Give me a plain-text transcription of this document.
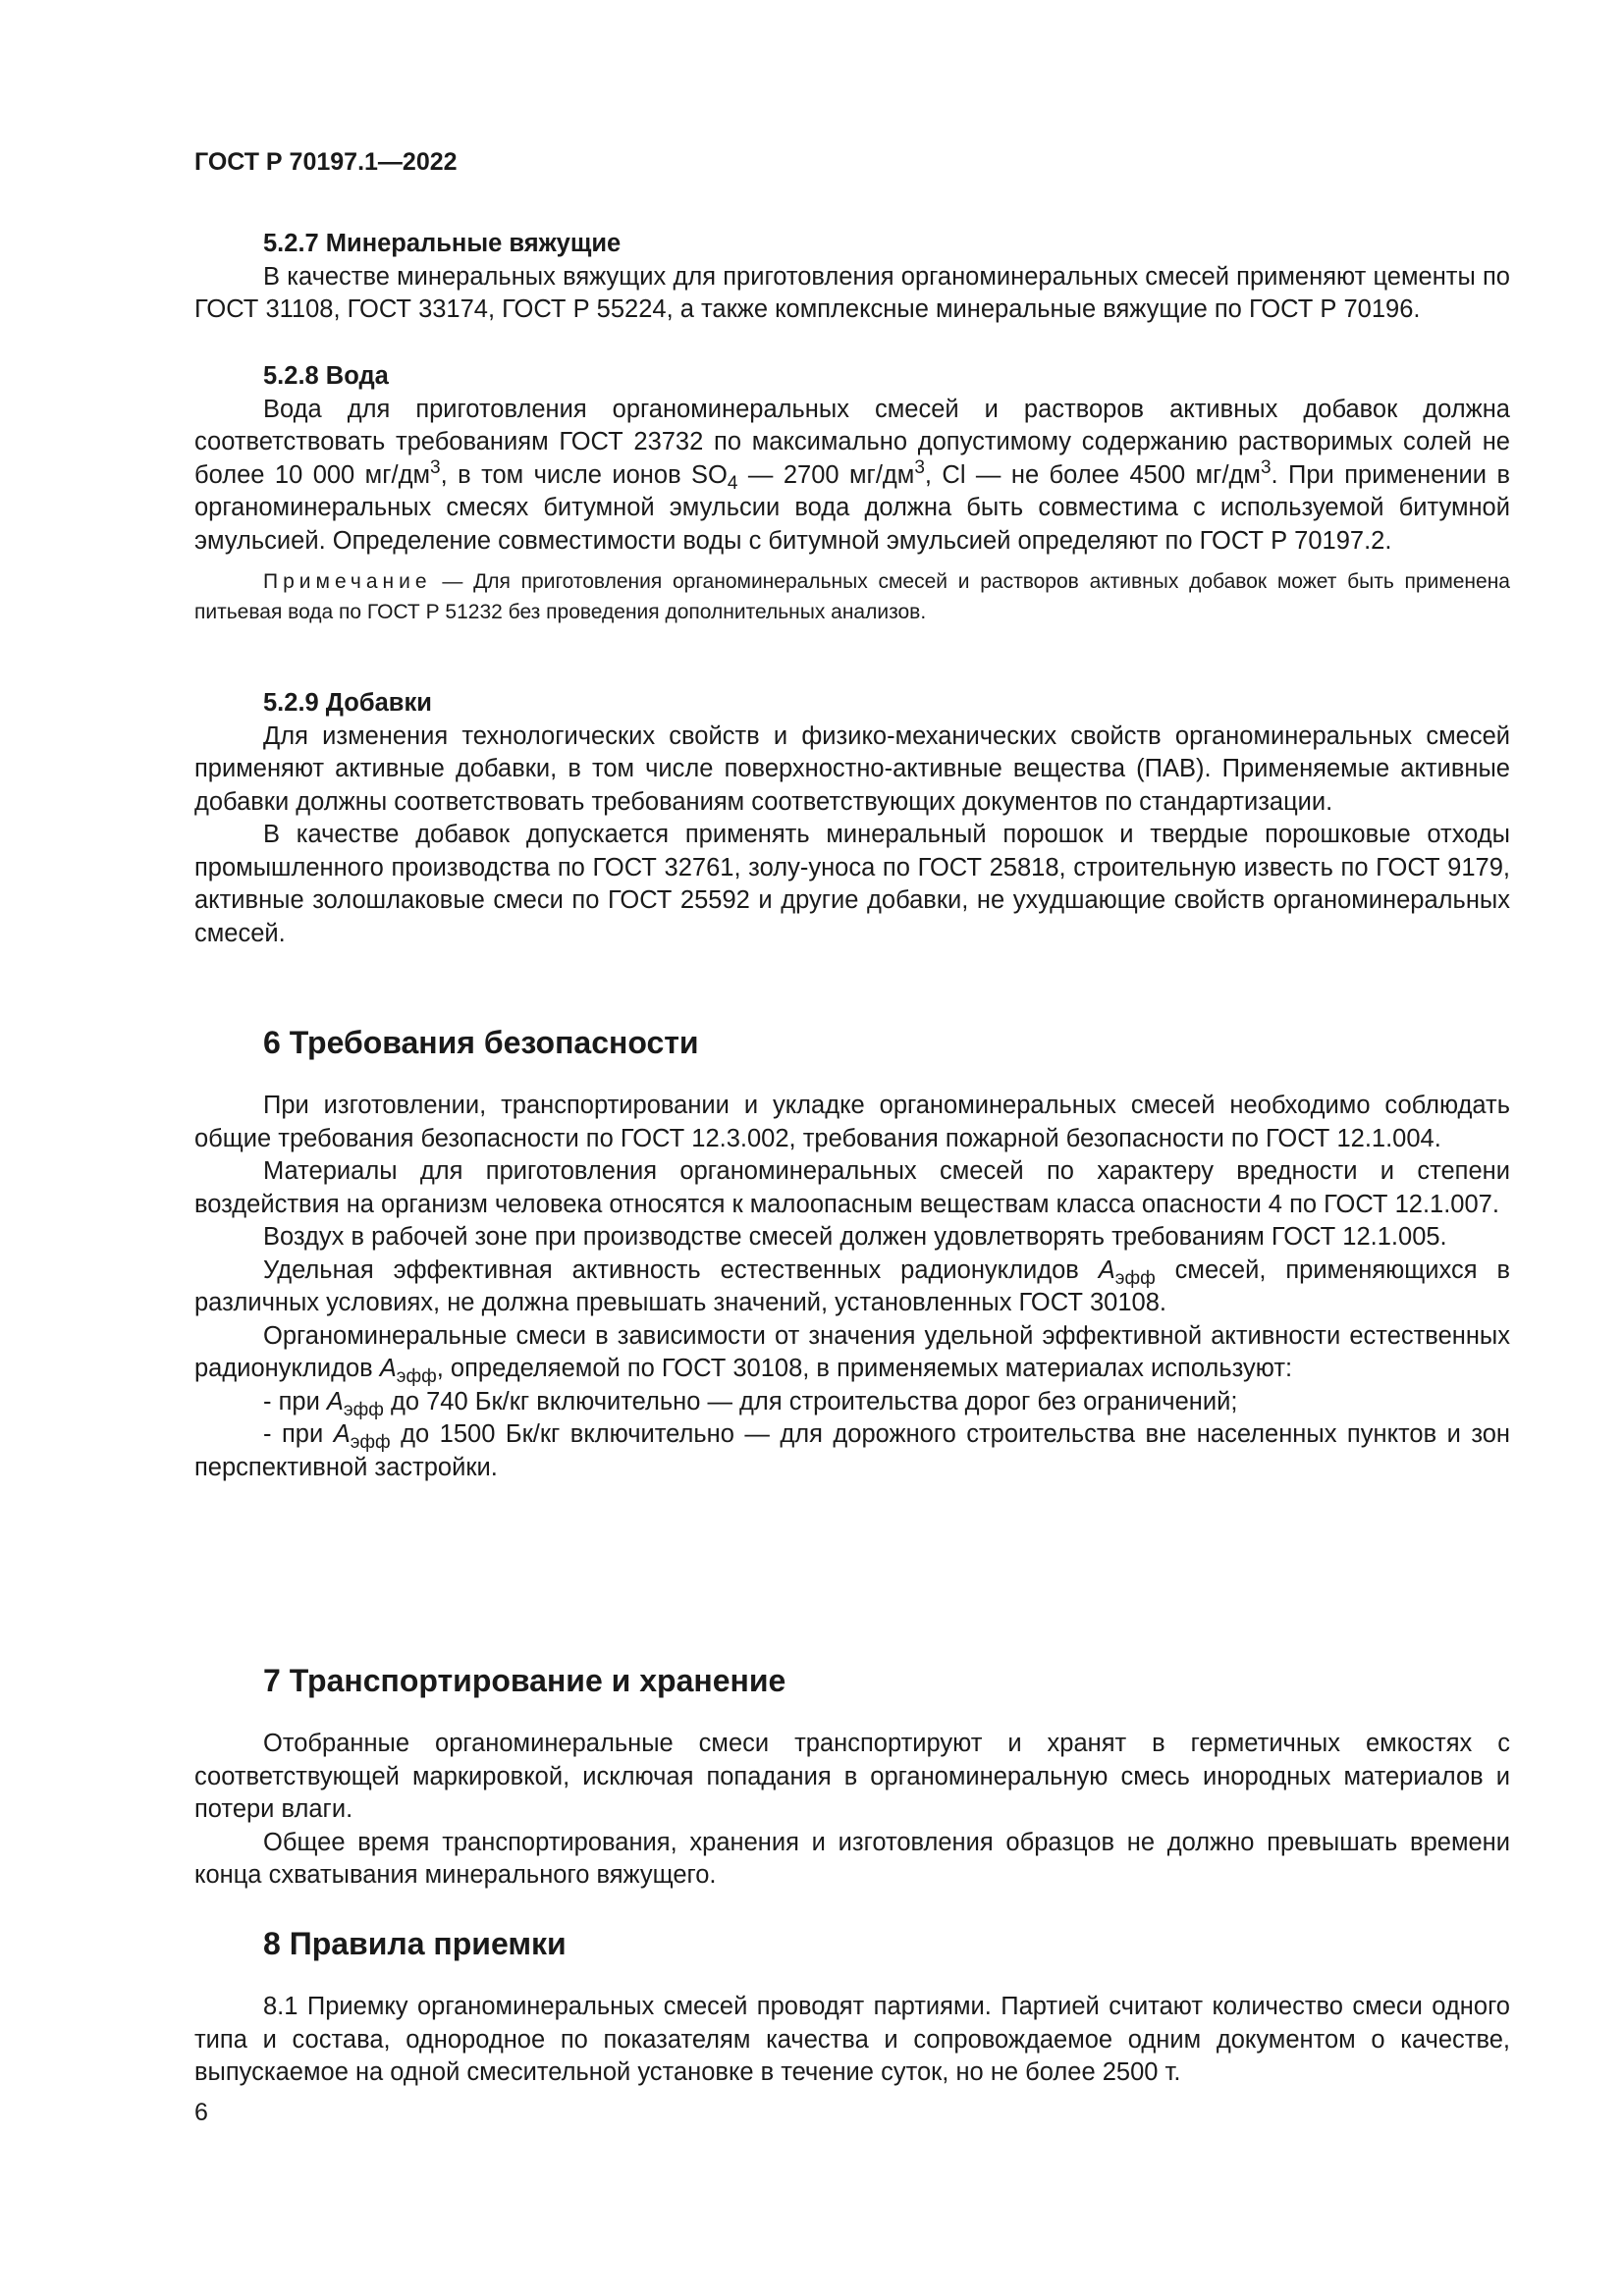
ГОСТ Р 70197.1—2022

5.2.7 Минеральные вяжущие

В качестве минеральных вяжущих для приготовления органоминеральных смесей применяют цементы по ГОСТ 31108, ГОСТ 33174, ГОСТ Р 55224, а также комплексные минеральные вяжущие по ГОСТ Р 70196.

5.2.8 Вода

Вода для приготовления органоминеральных смесей и растворов активных добавок должна соответствовать требованиям ГОСТ 23732 по максимально допустимому содержанию растворимых солей не более 10 000 $мг/дм^3$, в том числе ионов $SO_4$ — 2700 $мг/дм^3$, Cl — не более 4500 $мг/дм^3$. При применении в органоминеральных смесях битумной эмульсии вода должна быть совместима с используемой битумной эмульсией. Определение совместимости воды с битумной эмульсией определяют по ГОСТ Р 70197.2.

Примечание — Для приготовления органоминеральных смесей и растворов активных добавок может быть применена питьевая вода по ГОСТ Р 51232 без проведения дополнительных анализов.

5.2.9 Добавки

Для изменения технологических свойств и физико-механических свойств органоминеральных смесей применяют активные добавки, в том числе поверхностно-активные вещества (ПАВ). Применяемые активные добавки должны соответствовать требованиям соответствующих документов по стандартизации.

В качестве добавок допускается применять минеральный порошок и твердые порошковые отходы промышленного производства по ГОСТ 32761, золу-уноса по ГОСТ 25818, строительную известь по ГОСТ 9179, активные золошлаковые смеси по ГОСТ 25592 и другие добавки, не ухудшающие свойств органоминеральных смесей.

6 Требования безопасности

При изготовлении, транспортировании и укладке органоминеральных смесей необходимо соблюдать общие требования безопасности по ГОСТ 12.3.002, требования пожарной безопасности по ГОСТ 12.1.004.

Материалы для приготовления органоминеральных смесей по характеру вредности и степени воздействия на организм человека относятся к малоопасным веществам класса опасности 4 по ГОСТ 12.1.007.

Воздух в рабочей зоне при производстве смесей должен удовлетворять требованиям ГОСТ 12.1.005.

Удельная эффективная активность естественных радионуклидов $A_{эфф}$ смесей, применяющихся в различных условиях, не должна превышать значений, установленных ГОСТ 30108.

Органоминеральные смеси в зависимости от значения удельной эффективной активности естественных радионуклидов $A_{эфф}$, определяемой по ГОСТ 30108, в применяемых материалах используют:

- при $A_{эфф}$ до 740 Бк/кг включительно — для строительства дорог без ограничений;

- при $A_{эфф}$ до 1500 Бк/кг включительно — для дорожного строительства вне населенных пунктов и зон перспективной застройки.

7 Транспортирование и хранение

Отобранные органоминеральные смеси транспортируют и хранят в герметичных емкостях с соответствующей маркировкой, исключая попадания в органоминеральную смесь инородных материалов и потери влаги.

Общее время транспортирования, хранения и изготовления образцов не должно превышать времени конца схватывания минерального вяжущего.

8 Правила приемки

8.1 Приемку органоминеральных смесей проводят партиями. Партией считают количество смеси одного типа и состава, однородное по показателям качества и сопровождаемое одним документом о качестве, выпускаемое на одной смесительной установке в течение суток, но не более 2500 т.

6
